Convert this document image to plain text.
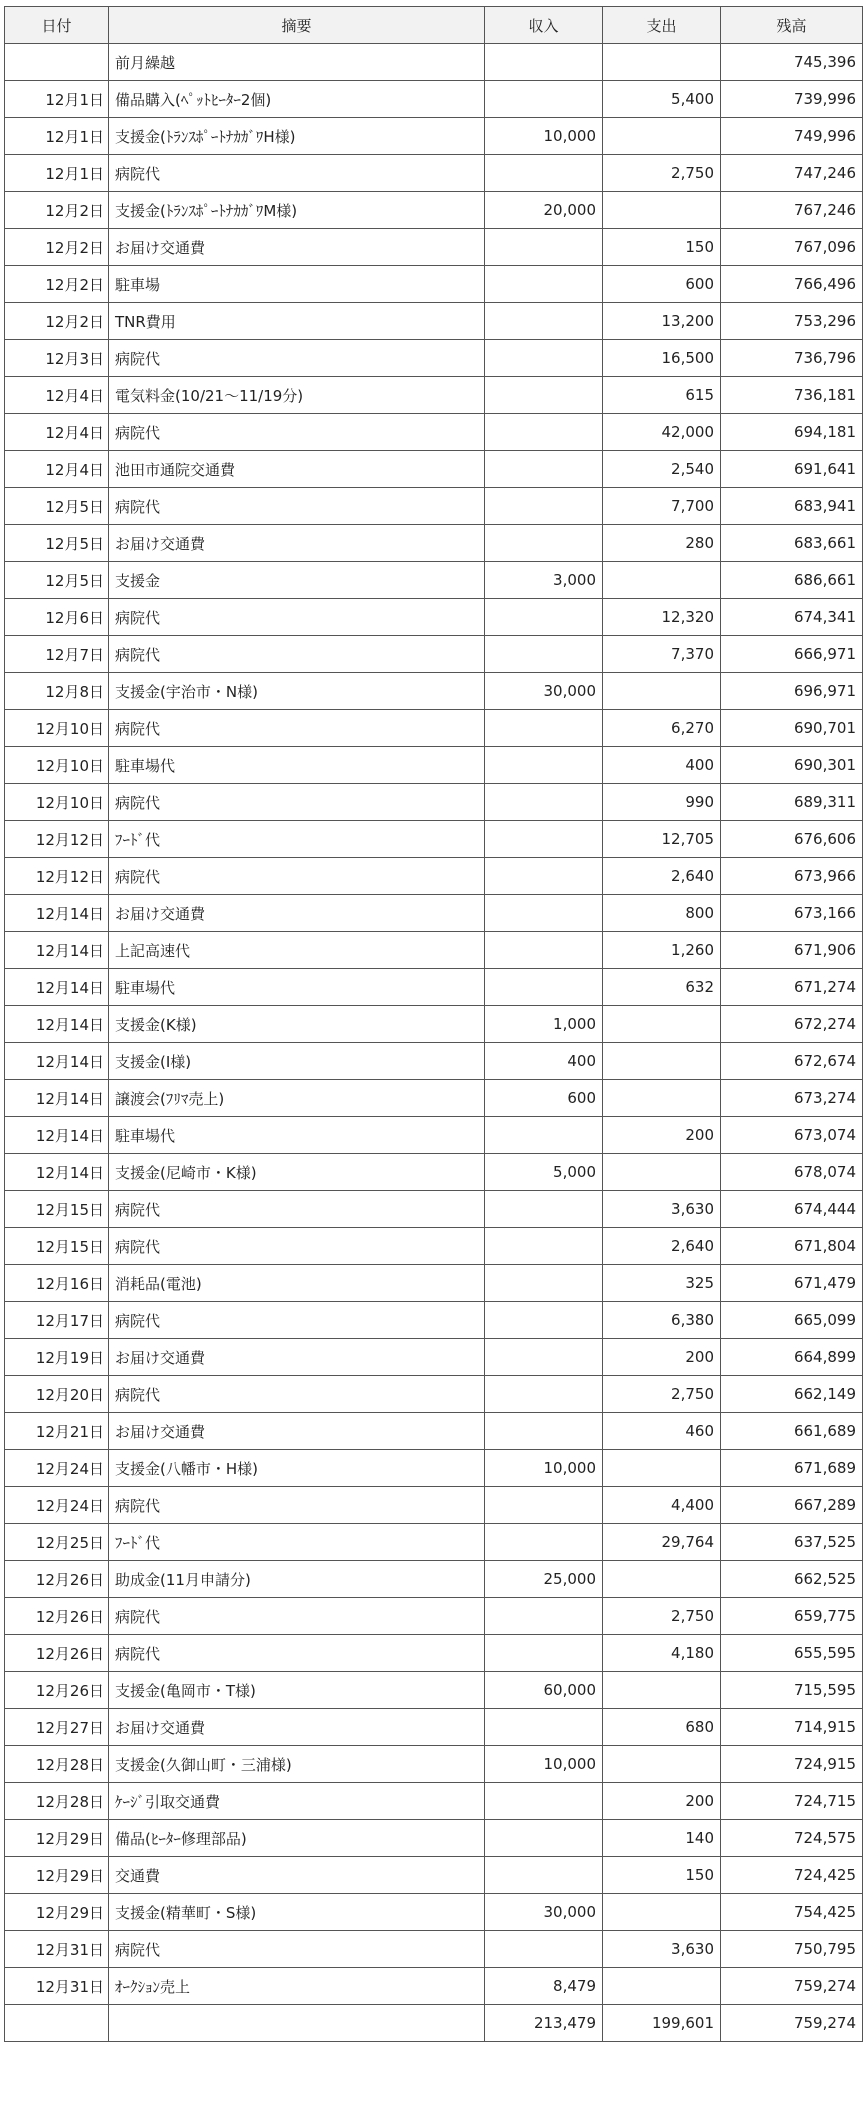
日付	摘要	収入	支出	残高
	前月繰越			745,396
12月1日	備品購入(ﾍﾟｯﾄﾋｰﾀｰ2個)		5,400	739,996
12月1日	支援金(ﾄﾗﾝｽﾎﾟｰﾄﾅｶｶﾞﾜH様)	10,000		749,996
12月1日	病院代		2,750	747,246
12月2日	支援金(ﾄﾗﾝｽﾎﾟｰﾄﾅｶｶﾞﾜM様)	20,000		767,246
12月2日	お届け交通費		150	767,096
12月2日	駐車場		600	766,496
12月2日	TNR費用		13,200	753,296
12月3日	病院代		16,500	736,796
12月4日	電気料金(10/21～11/19分)		615	736,181
12月4日	病院代		42,000	694,181
12月4日	池田市通院交通費		2,540	691,641
12月5日	病院代		7,700	683,941
12月5日	お届け交通費		280	683,661
12月5日	支援金	3,000		686,661
12月6日	病院代		12,320	674,341
12月7日	病院代		7,370	666,971
12月8日	支援金(宇治市・N様)	30,000		696,971
12月10日	病院代		6,270	690,701
12月10日	駐車場代		400	690,301
12月10日	病院代		990	689,311
12月12日	ﾌｰﾄﾞ代		12,705	676,606
12月12日	病院代		2,640	673,966
12月14日	お届け交通費		800	673,166
12月14日	上記高速代		1,260	671,906
12月14日	駐車場代		632	671,274
12月14日	支援金(K様)	1,000		672,274
12月14日	支援金(I様)	400		672,674
12月14日	譲渡会(ﾌﾘﾏ売上)	600		673,274
12月14日	駐車場代		200	673,074
12月14日	支援金(尼崎市・K様)	5,000		678,074
12月15日	病院代		3,630	674,444
12月15日	病院代		2,640	671,804
12月16日	消耗品(電池)		325	671,479
12月17日	病院代		6,380	665,099
12月19日	お届け交通費		200	664,899
12月20日	病院代		2,750	662,149
12月21日	お届け交通費		460	661,689
12月24日	支援金(八幡市・H様)	10,000		671,689
12月24日	病院代		4,400	667,289
12月25日	ﾌｰﾄﾞ代		29,764	637,525
12月26日	助成金(11月申請分)	25,000		662,525
12月26日	病院代		2,750	659,775
12月26日	病院代		4,180	655,595
12月26日	支援金(亀岡市・T様)	60,000		715,595
12月27日	お届け交通費		680	714,915
12月28日	支援金(久御山町・三浦様)	10,000		724,915
12月28日	ｹｰｼﾞ引取交通費		200	724,715
12月29日	備品(ﾋｰﾀｰ修理部品)		140	724,575
12月29日	交通費		150	724,425
12月29日	支援金(精華町・S様)	30,000		754,425
12月31日	病院代		3,630	750,795
12月31日	ｵｰｸｼｮﾝ売上	8,479		759,274
		213,479	199,601	759,274
